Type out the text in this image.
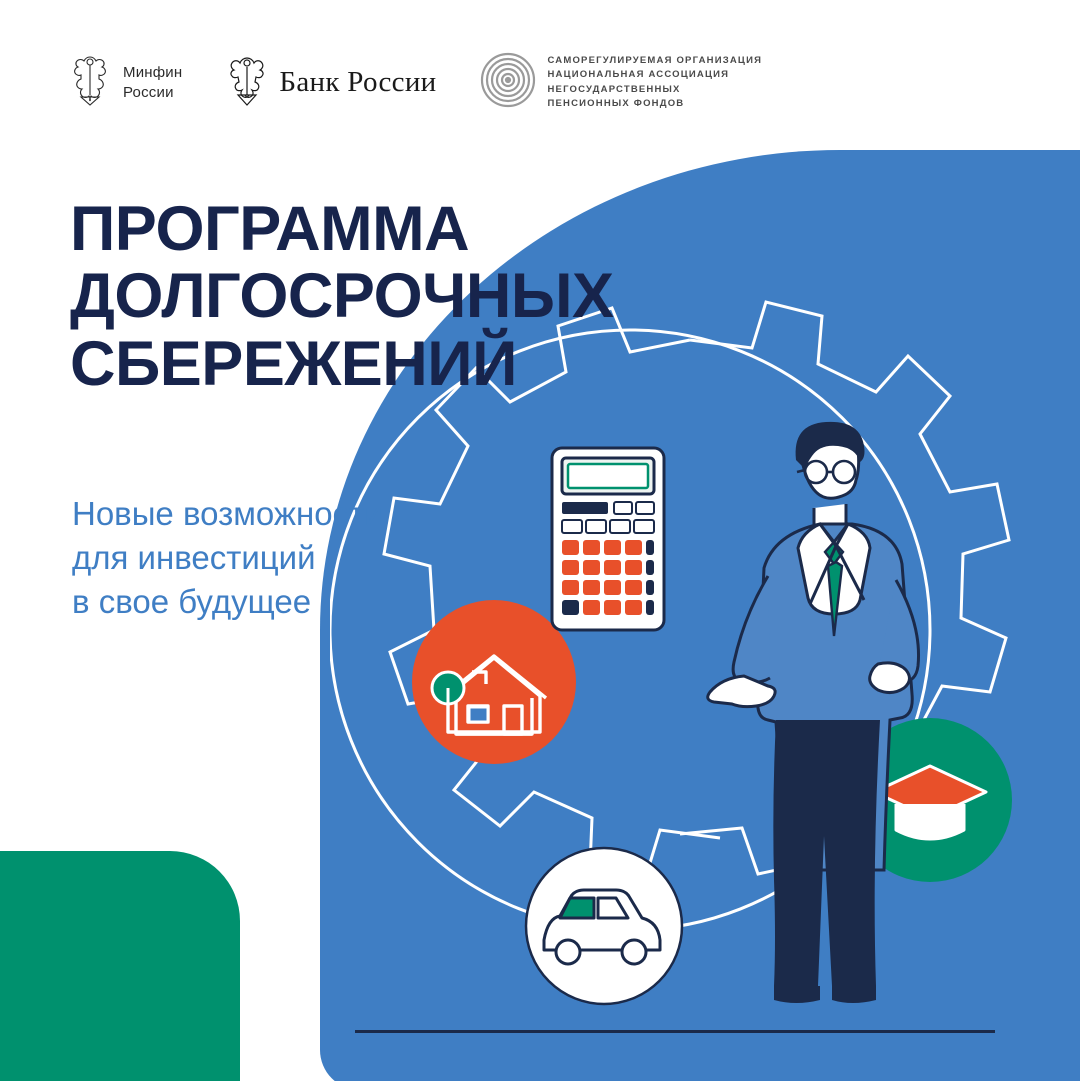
Минфин
России	Банк России
САМОРЕГУЛИРУЕМАЯ ОРГАНИЗАЦИЯ
НАЦИОНАЛЬНАЯ АССОЦИАЦИЯ
НЕГОСУДАРСТВЕННЫХ
ПЕНСИОННЫХ ФОНДОВ
ПРОГРАММА
ДОЛГОСРОЧНЫХ
СБЕРЕЖЕНИЙ
Новые возможности
для инвестиций
в свое будущее
